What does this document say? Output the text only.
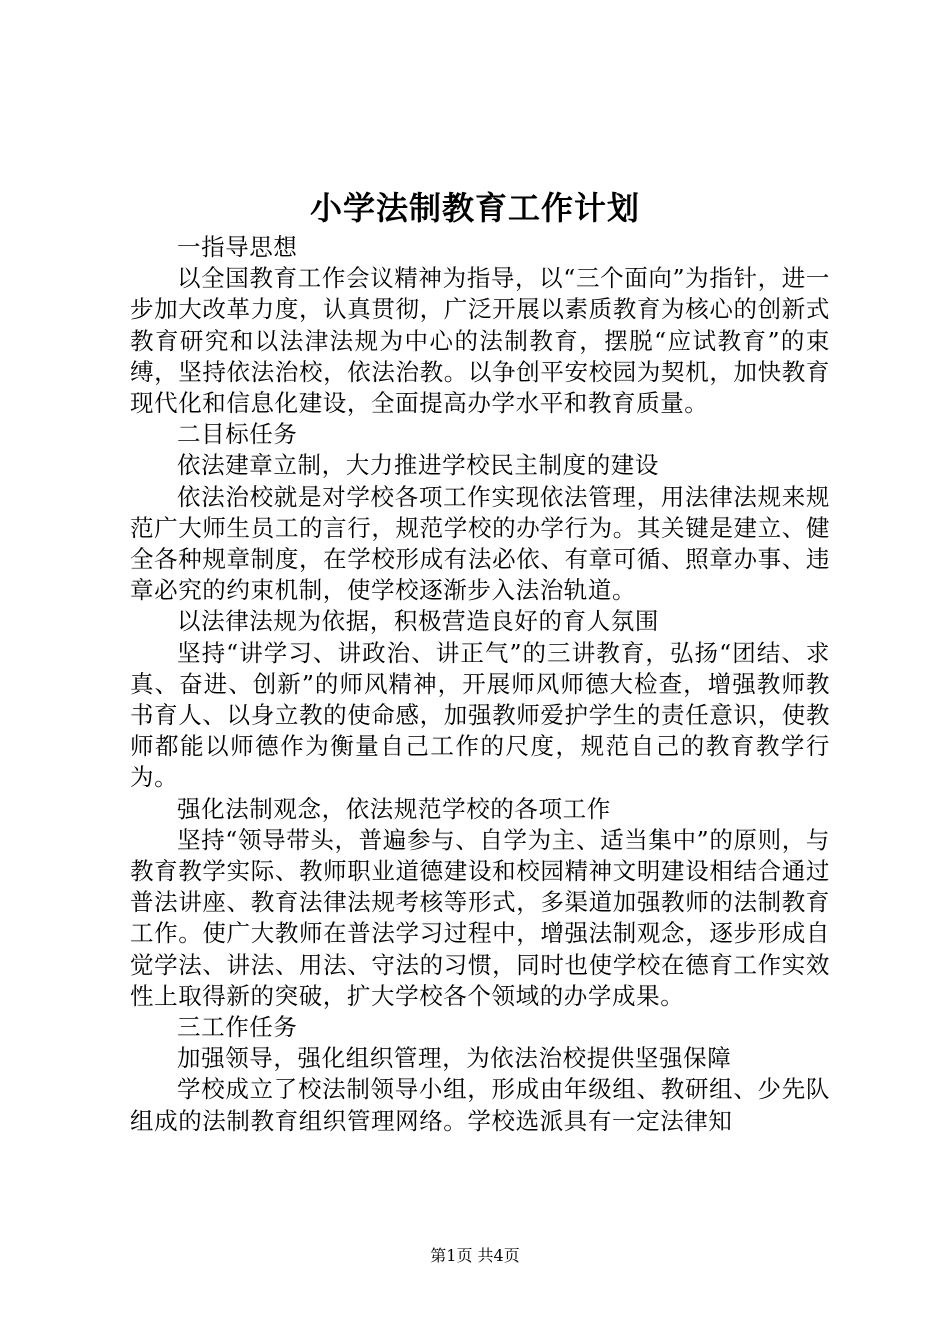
小学法制教育工作计划

一指导思想

以全国教育工作会议精神为指导，以“三个面向”为指针，进一步加大改革力度，认真贯彻，广泛开展以素质教育为核心的创新式教育研究和以法津法规为中心的法制教育，摆脱“应试教育”的束缚，坚持依法治校，依法治教。以争创平安校园为契机，加快教育现代化和信息化建设，全面提高办学水平和教育质量。

二目标任务

依法建章立制，大力推进学校民主制度的建设

依法治校就是对学校各项工作实现依法管理，用法律法规来规范广大师生员工的言行，规范学校的办学行为。其关键是建立、健全各种规章制度，在学校形成有法必依、有章可循、照章办事、违章必究的约束机制，使学校逐渐步入法治轨道。

以法律法规为依据，积极营造良好的育人氛围

坚持“讲学习、讲政治、讲正气”的三讲教育，弘扬“团结、求真、奋进、创新”的师风精神，开展师风师德大检查，增强教师教书育人、以身立教的使命感，加强教师爱护学生的责任意识，使教师都能以师德作为衡量自己工作的尺度，规范自己的教育教学行为。

强化法制观念，依法规范学校的各项工作

坚持“领导带头，普遍参与、自学为主、适当集中”的原则，与教育教学实际、教师职业道德建设和校园精神文明建设相结合通过普法讲座、教育法律法规考核等形式，多渠道加强教师的法制教育工作。使广大教师在普法学习过程中，增强法制观念，逐步形成自觉学法、讲法、用法、守法的习惯，同时也使学校在德育工作实效性上取得新的突破，扩大学校各个领域的办学成果。

三工作任务

加强领导，强化组织管理，为依法治校提供坚强保障

学校成立了校法制领导小组，形成由年级组、教研组、少先队组成的法制教育组织管理网络。学校选派具有一定法律知

第1页 共4页
